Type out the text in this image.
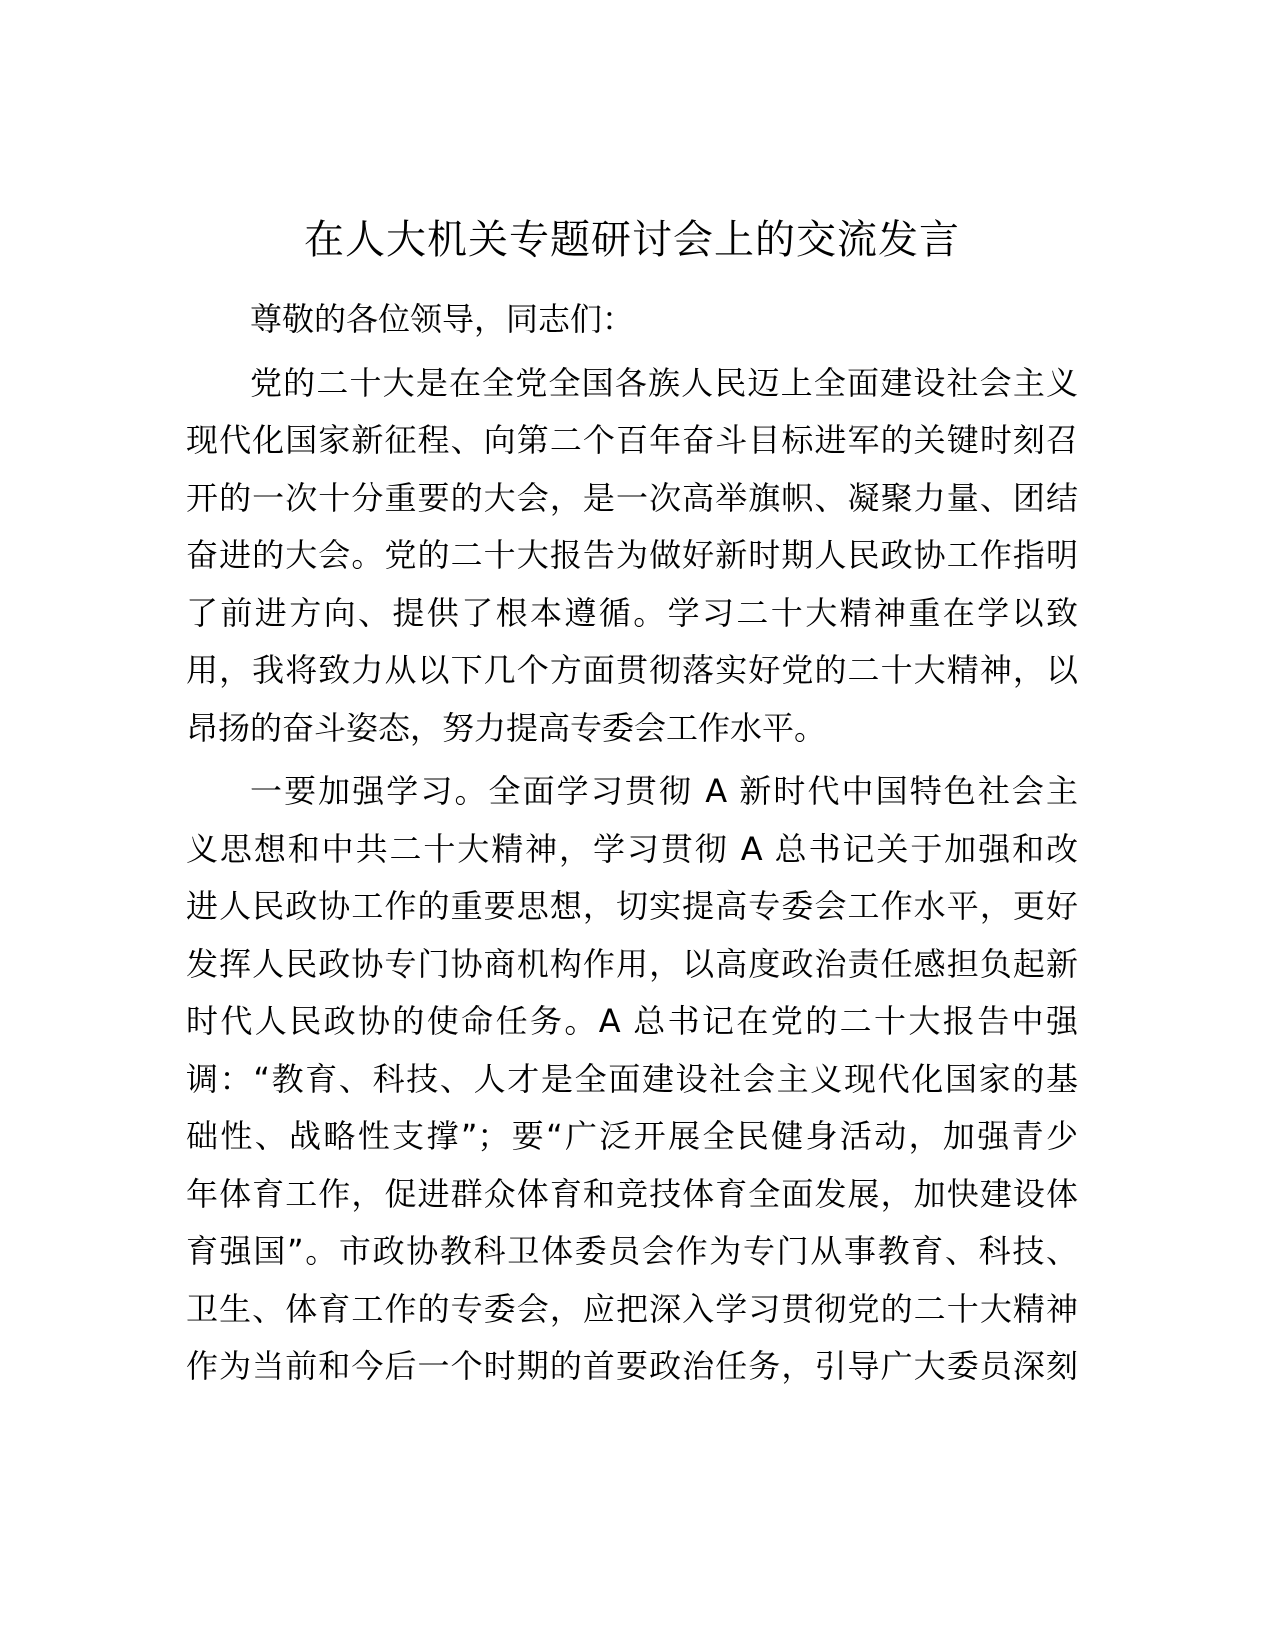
在人大机关专题研讨会上的交流发言
尊敬的各位领导，同志们：
党的二十大是在全党全国各族人民迈上全面建设社会主义
现代化国家新征程、向第二个百年奋斗目标进军的关键时刻召
开的一次十分重要的大会，是一次高举旗帜、凝聚力量、团结
奋进的大会。党的二十大报告为做好新时期人民政协工作指明
了前进方向、提供了根本遵循。学习二十大精神重在学以致
用，我将致力从以下几个方面贯彻落实好党的二十大精神，以
昂扬的奋斗姿态，努力提高专委会工作水平。
一要加强学习。全面学习贯彻 A 新时代中国特色社会主
义思想和中共二十大精神，学习贯彻 A 总书记关于加强和改
进人民政协工作的重要思想，切实提高专委会工作水平，更好
发挥人民政协专门协商机构作用，以高度政治责任感担负起新
时代人民政协的使命任务。A 总书记在党的二十大报告中强
调：“教育、科技、人才是全面建设社会主义现代化国家的基
础性、战略性支撑”；要“广泛开展全民健身活动，加强青少
年体育工作，促进群众体育和竞技体育全面发展，加快建设体
育强国”。市政协教科卫体委员会作为专门从事教育、科技、
卫生、体育工作的专委会，应把深入学习贯彻党的二十大精神
作为当前和今后一个时期的首要政治任务，引导广大委员深刻
